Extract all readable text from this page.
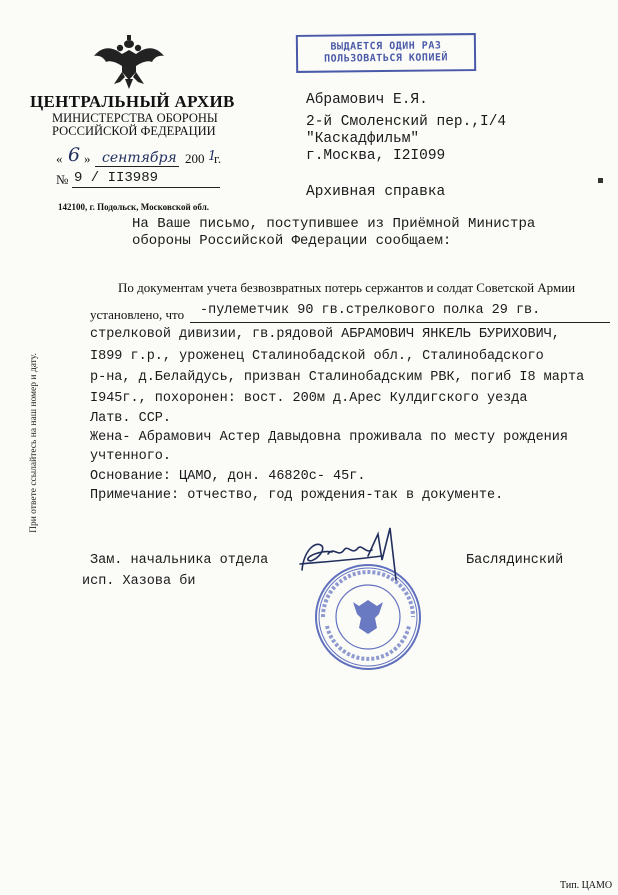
ЦЕНТРАЛЬНЫЙ АРХИВ
МИНИСТЕРСТВА ОБОРОНЫ
РОССИЙСКОЙ ФЕДЕРАЦИИ
« 6 » сентября 200 1
г.
№ 9 / II3989
142100, г. Подольск, Московской обл.
ВЫДАЕТСЯ ОДИН РАЗ
ПОЛЬЗОВАТЬСЯ КОПИЕЙ
Абрамович Е.Я.
2-й Смоленский пер.,I/4
"Каскадфильм"
г.Москва, I2I099
Архивная справка
На Ваше письмо, поступившее из Приёмной Министра
обороны Российской Федерации сообщаем:
По документам учета безвозвратных потерь сержантов и солдат Советской Армии
установлено, что -пулеметчик 90 гв.стрелкового полка 29 гв.
стрелковой дивизии, гв.рядовой АБРАМОВИЧ ЯНКЕЛЬ БУРИХОВИЧ,
I899 г.р., уроженец Сталинобадской обл., Сталинобадского
р-на, д.Белайдусь, призван Сталинобадским РВК, погиб I8 марта
I945г., похоронен: вост. 200м д.Арес Кулдигского уезда
Латв. ССР.
Жена- Абрамович Астер Давыдовна проживала по месту рождения
учтенного.
Основание: ЦАМО, дон. 46820с- 45г.
Примечание: отчество, год рождения-так в документе.
Зам. начальника отдела	Баслядинский
исп. Хазова би
При ответе ссылайтесь на наш номер и дату.
Тип. ЦАМО
